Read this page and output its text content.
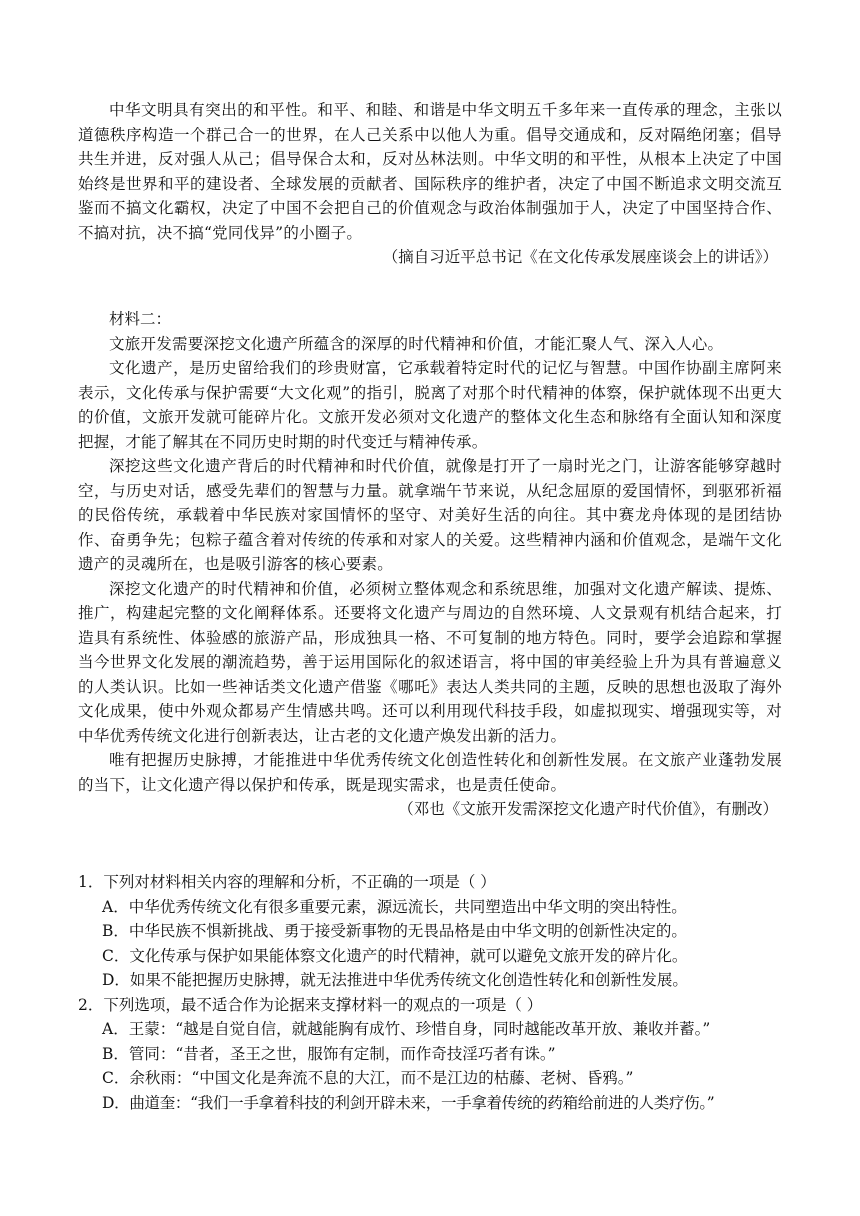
中华文明具有突出的和平性。和平、和睦、和谐是中华文明五千多年来一直传承的理念，主张以道德秩序构造一个群己合一的世界，在人己关系中以他人为重。倡导交通成和，反对隔绝闭塞；倡导共生并进，反对强人从己；倡导保合太和，反对丛林法则。中华文明的和平性，从根本上决定了中国始终是世界和平的建设者、全球发展的贡献者、国际秩序的维护者，决定了中国不断追求文明交流互鉴而不搞文化霸权，决定了中国不会把自己的价值观念与政治体制强加于人，决定了中国坚持合作、不搞对抗，决不搞“党同伐异”的小圈子。

（摘自习近平总书记《在文化传承发展座谈会上的讲话》）

材料二：

文旅开发需要深挖文化遗产所蕴含的深厚的时代精神和价值，才能汇聚人气、深入人心。

文化遗产，是历史留给我们的珍贵财富，它承载着特定时代的记忆与智慧。中国作协副主席阿来表示，文化传承与保护需要“大文化观”的指引，脱离了对那个时代精神的体察，保护就体现不出更大的价值，文旅开发就可能碎片化。文旅开发必须对文化遗产的整体文化生态和脉络有全面认知和深度把握，才能了解其在不同历史时期的时代变迁与精神传承。

深挖这些文化遗产背后的时代精神和时代价值，就像是打开了一扇时光之门，让游客能够穿越时空，与历史对话，感受先辈们的智慧与力量。就拿端午节来说，从纪念屈原的爱国情怀，到驱邪祈福的民俗传统，承载着中华民族对家国情怀的坚守、对美好生活的向往。其中赛龙舟体现的是团结协作、奋勇争先；包粽子蕴含着对传统的传承和对家人的关爱。这些精神内涵和价值观念，是端午文化遗产的灵魂所在，也是吸引游客的核心要素。

深挖文化遗产的时代精神和价值，必须树立整体观念和系统思维，加强对文化遗产解读、提炼、推广，构建起完整的文化阐释体系。还要将文化遗产与周边的自然环境、人文景观有机结合起来，打造具有系统性、体验感的旅游产品，形成独具一格、不可复制的地方特色。同时，要学会追踪和掌握当今世界文化发展的潮流趋势，善于运用国际化的叙述语言，将中国的审美经验上升为具有普遍意义的人类认识。比如一些神话类文化遗产借鉴《哪吒》表达人类共同的主题，反映的思想也汲取了海外文化成果，使中外观众都易产生情感共鸣。还可以利用现代科技手段，如虚拟现实、增强现实等，对中华优秀传统文化进行创新表达，让古老的文化遗产焕发出新的活力。

唯有把握历史脉搏，才能推进中华优秀传统文化创造性转化和创新性发展。在文旅产业蓬勃发展的当下，让文化遗产得以保护和传承，既是现实需求，也是责任使命。

（邓也《文旅开发需深挖文化遗产时代价值》，有删改）

1．下列对材料相关内容的理解和分析，不正确的一项是（ ）

A．中华优秀传统文化有很多重要元素，源远流长，共同塑造出中华文明的突出特性。

B．中华民族不惧新挑战、勇于接受新事物的无畏品格是由中华文明的创新性决定的。

C．文化传承与保护如果能体察文化遗产的时代精神，就可以避免文旅开发的碎片化。

D．如果不能把握历史脉搏，就无法推进中华优秀传统文化创造性转化和创新性发展。

2．下列选项，最不适合作为论据来支撑材料一的观点的一项是（ ）

A．王蒙：“越是自觉自信，就越能胸有成竹、珍惜自身，同时越能改革开放、兼收并蓄。”

B．管同：“昔者，圣王之世，服饰有定制，而作奇技淫巧者有诛。”

C．余秋雨：“中国文化是奔流不息的大江，而不是江边的枯藤、老树、昏鸦。”

D．曲道奎：“我们一手拿着科技的利剑开辟未来，一手拿着传统的药箱给前进的人类疗伤。”
